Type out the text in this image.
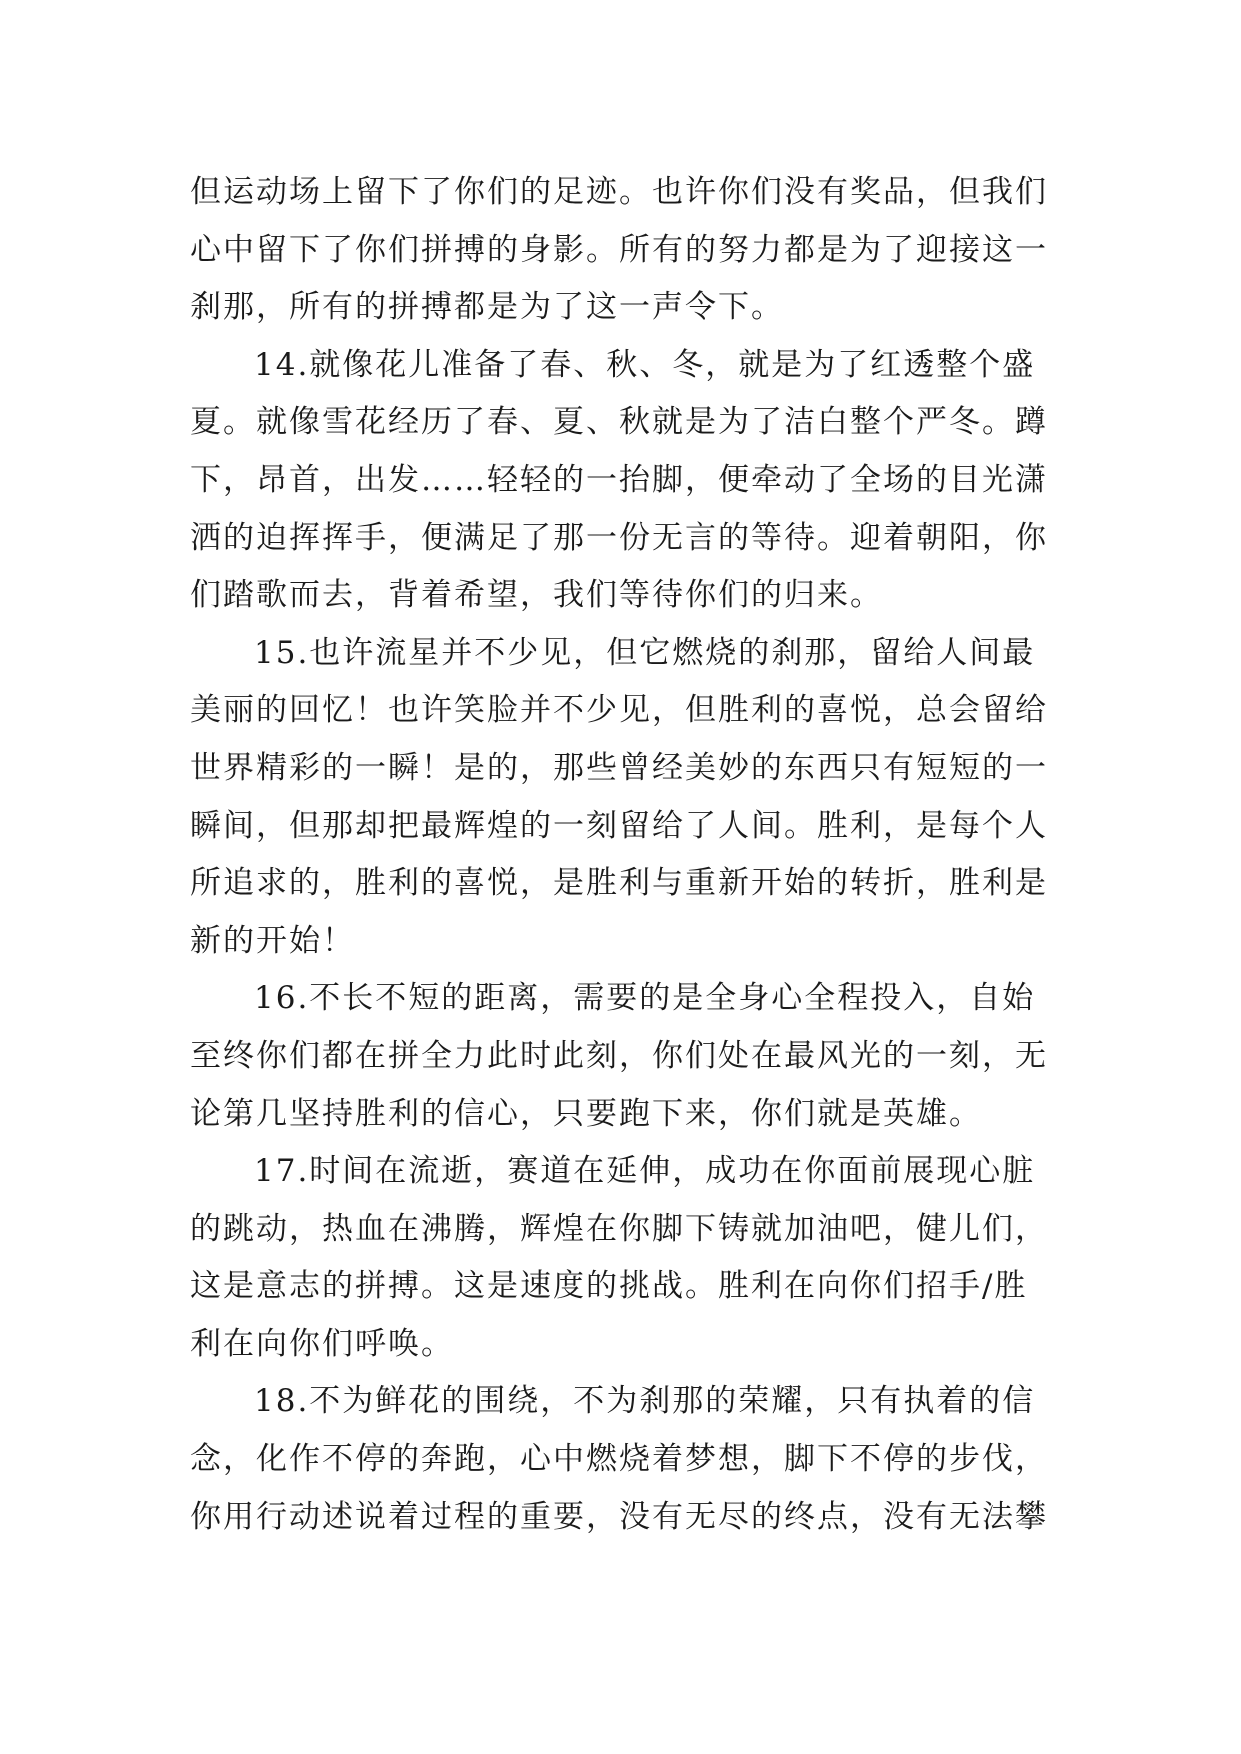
但运动场上留下了你们的足迹。也许你们没有奖品，但我们
心中留下了你们拼搏的身影。所有的努力都是为了迎接这一
刹那，所有的拼搏都是为了这一声令下。
14.就像花儿准备了春、秋、冬，就是为了红透整个盛
夏。就像雪花经历了春、夏、秋就是为了洁白整个严冬。蹲
下，昂首，出发……轻轻的一抬脚，便牵动了全场的目光潇
洒的迫挥挥手，便满足了那一份无言的等待。迎着朝阳，你
们踏歌而去，背着希望，我们等待你们的归来。
15.也许流星并不少见，但它燃烧的刹那，留给人间最
美丽的回忆！也许笑脸并不少见，但胜利的喜悦，总会留给
世界精彩的一瞬！是的，那些曾经美妙的东西只有短短的一
瞬间，但那却把最辉煌的一刻留给了人间。胜利，是每个人
所追求的，胜利的喜悦，是胜利与重新开始的转折，胜利是
新的开始！
16.不长不短的距离，需要的是全身心全程投入，自始
至终你们都在拼全力此时此刻，你们处在最风光的一刻，无
论第几坚持胜利的信心，只要跑下来，你们就是英雄。
17.时间在流逝，赛道在延伸，成功在你面前展现心脏
的跳动，热血在沸腾，辉煌在你脚下铸就加油吧，健儿们，
这是意志的拼搏。这是速度的挑战。胜利在向你们招手/胜
利在向你们呼唤。
18.不为鲜花的围绕，不为刹那的荣耀，只有执着的信
念，化作不停的奔跑，心中燃烧着梦想，脚下不停的步伐，
你用行动述说着过程的重要，没有无尽的终点，没有无法攀
